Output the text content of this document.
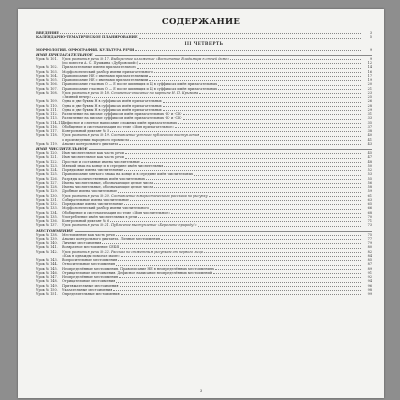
СОДЕРЖАНИЕ
ВВЕДЕНИЕ	3
КАЛЕНДАРНО-ТЕМАТИЧЕСКОЕ ПЛАНИРОВАНИЕ	5
III ЧЕТВЕРТЬ
МОРФОЛОГИЯ. ОРФОГРАФИЯ. КУЛЬТУРА РЕЧИ	9
ИМЯ ПРИЛАГАТЕЛЬНОЕ
Урок № 101.	Урок развития речи № 17. Выборочное изложение «Воспитание Владимира в отчей доме»	9
(по повести А. С. Пушкина «Дубровский»)	12
Урок № 102.	Прилагательные имени прилагательного	14
Урок № 103.	Морфологический разбор имени прилагательного	16
Урок № 104.	Правописание НЕ с именами прилагательными	17
Урок № 105.	Правописание НЕ с именами прилагательными	19
Урок № 106.	Правописание гласных О — Ё после шипящих и Ц в суффиксах имён прилагательных	20
Урок № 107.	Правописание гласных О — Ё после шипящих и Ц в суффиксах имён прилагательных	21
Урок № 108.	Урок развития речи № 18. Сочинение-описание по картине Н. П. Крымова	23
«Зимний вечер»	25
Урок № 109.	Одна и две буквы Н в суффиксах имён прилагательных	26
Урок № 110.	Одна и две буквы Н в суффиксах имён прилагательных	28
Урок № 111.	Одна и две буквы Н в суффиксах имён прилагательных	29
Урок № 112.	Различение на письме суффиксов имён прилагательных -К- и -СК-	31
Урок № 113.	Различение на письме суффиксов имён прилагательных -К- и -СК-	33
Урок № 114–115.
Дефисное и слитное написание сложных имён прилагательных	35
Урок № 116.	Обобщение и систематизация по теме «Имя прилагательное»	37
Урок № 117.	Контрольный диктант № 5	38
Урок № 118.	Урок развития речи № 19. Составление устного публичного выступления	40
о произведении народного промысла	41
Урок № 119.	Анализ контрольного диктанта	43
ИМЯ ЧИСЛИТЕЛЬНОЕ
Урок № 120.	Имя числительное как часть речи	45
Урок № 121.	Имя числительное как часть речи	47
Урок № 122.	Простые и составные имена числительные	48
Урок № 123.	Мягкий знак на конце и в середине имён числительных	50
Урок № 124.	Порядковые имена числительные	52
Урок № 125.	Правописание мягкого знака на конце и в середине имён числительных	53
Урок № 126.	Разряды количественных имён числительных	55
Урок № 127.	Имена числительные, обозначающие целые числа	56
Урок № 128.	Имена числительные, обозначающие целые числа	58
Урок № 129.	Дробные имена числительные	59
Урок № 130.	Урок развития речи № 20. Составление юмористического рассказа по рисунку	61
Урок № 131.	Собирательные имена числительные	63
Урок № 132.	Порядковые имена числительные	65
Урок № 133.	Морфологический разбор имени числительного	66
Урок № 134.	Обобщение и систематизация по теме «Имя числительное»	68
Урок № 135.	Употребление имён числительных в речи	70
Урок № 136.	Контрольный диктант № 6	71
Урок № 137.	Урок развития речи № 21. Публичное выступление «Берегите природу!»	73
МЕСТОИМЕНИЕ
Урок № 138.	Местоимение как часть речи	75
Урок № 139.	Анализ контрольного диктанта. Личные местоимения	77
Урок № 140.	Личные местоимения	79
Урок № 141.	Возвратное местоимение СЕБЯ	80
Урок № 142.	Урок развития речи № 22. Рассказ по сюжетным рисункам от первого лица	82
«Как я однажды помогал маме»	84
Урок № 143.	Вопросительные местоимения	85
Урок № 144.	Относительные местоимения	87
Урок № 145.	Неопределённые местоимения. Правописание НЕ в неопределённых местоимениях	89
Урок № 146.	Отрицательные местоимения. Дефисное написание неопределённых местоимений	91
Урок № 147.	Неопределённые местоимения	92
Урок № 148.	Отрицательные местоимения	94
Урок № 149.	Притяжательные местоимения	96
Урок № 150.	Указательные местоимения	98
Урок № 151.	Определительные местоимения	99
3
